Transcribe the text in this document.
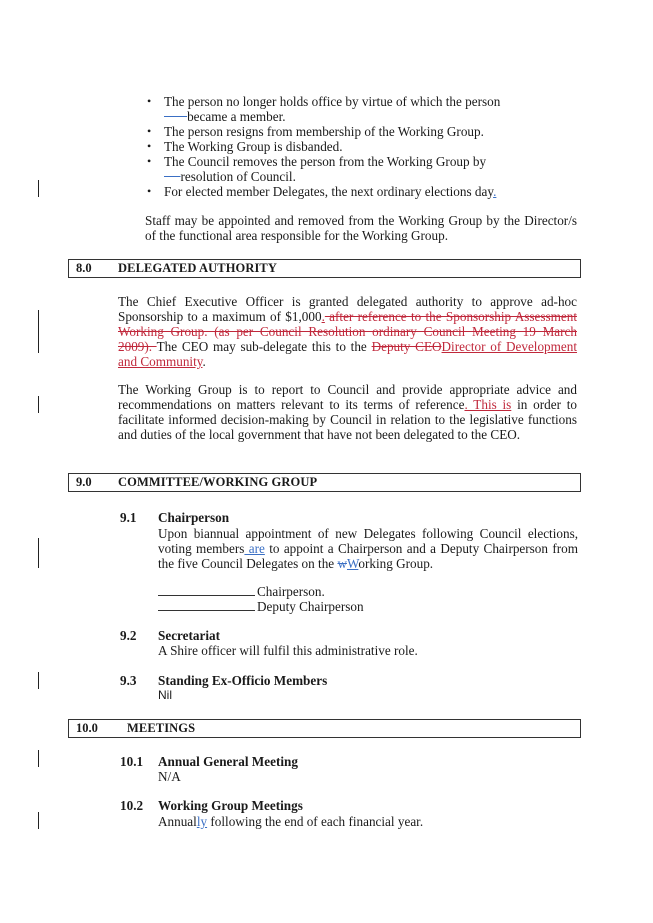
• The person no longer holds office by virtue of which the person
became a member.
• The person resigns from membership of the Working Group.
• The Working Group is disbanded.
• The Council removes the person from the Working Group by
resolution of Council.
• For elected member Delegates, the next ordinary elections day.

Staff may be appointed and removed from the Working Group by the Director/s of the functional area responsible for the Working Group.

8.0 DELEGATED AUTHORITY

The Chief Executive Officer is granted delegated authority to approve ad-hoc Sponsorship to a maximum of $1,000. after reference to the Sponsorship Assessment Working Group. (as per Council Resolution ordinary Council Meeting 19 March 2009). The CEO may sub-delegate this to the Deputy CEODirector of Development and Community.

The Working Group is to report to Council and provide appropriate advice and recommendations on matters relevant to its terms of reference. This is in order to facilitate informed decision-making by Council in relation to the legislative functions and duties of the local government that have not been delegated to the CEO.

9.0 COMMITTEE/WORKING GROUP
9.1 Chairperson

Upon biannual appointment of new Delegates following Council elections, voting members are to appoint a Chairperson and a Deputy Chairperson from the five Council Delegates on the wWorking Group.

Chairperson.
Deputy Chairperson
9.2 Secretariat
A Shire officer will fulfil this administrative role.
9.3 Standing Ex-Officio Members
Nil
10.0 MEETINGS
10.1 Annual General Meeting
N/A
10.2 Working Group Meetings
Annually following the end of each financial year.
